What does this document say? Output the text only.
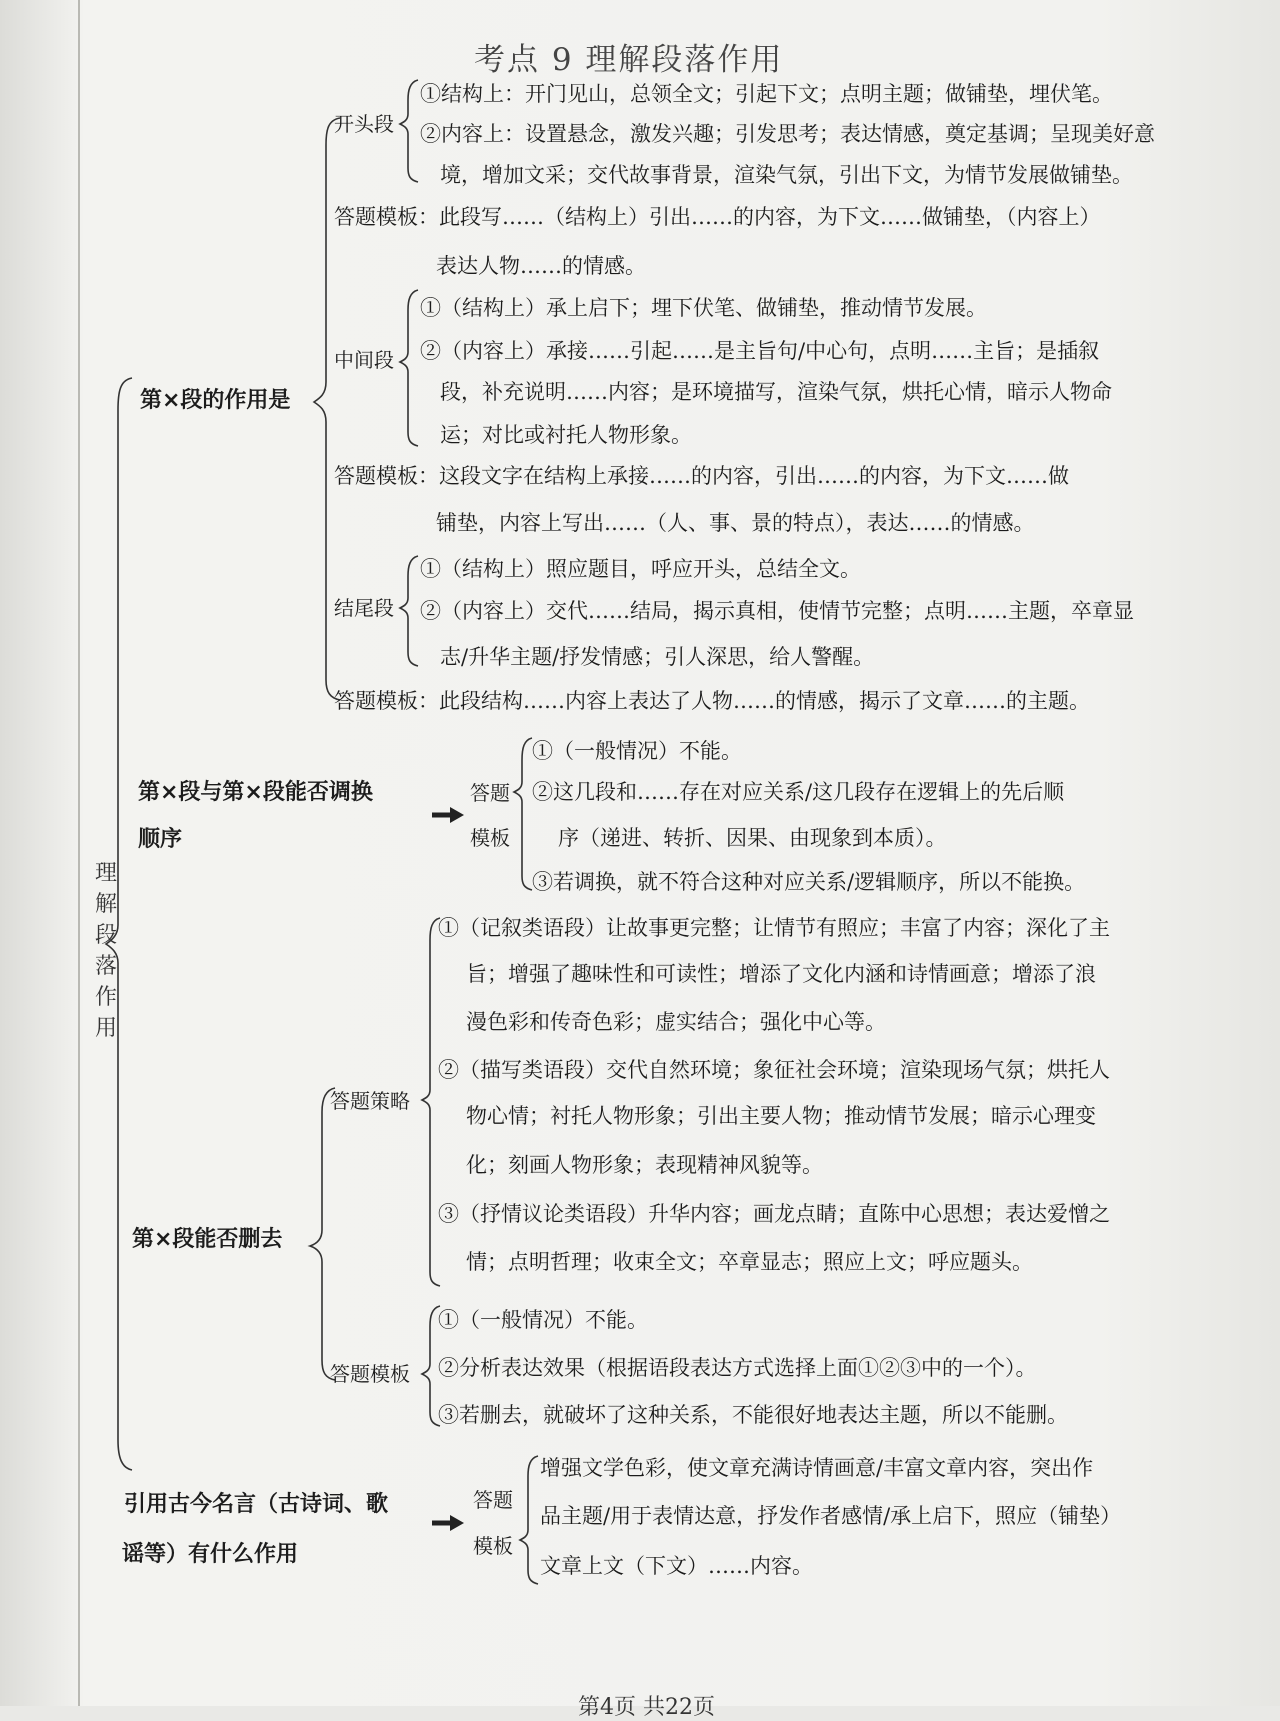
考点 9 理解段落作用
理解段落作用
第×段的作用是
开头段
①结构上：开门见山，总领全文；引起下文；点明主题；做铺垫，埋伏笔。
②内容上：设置悬念，激发兴趣；引发思考；表达情感，奠定基调；呈现美好意
境，增加文采；交代故事背景，渲染气氛，引出下文，为情节发展做铺垫。
答题模板：此段写……（结构上）引出……的内容，为下文……做铺垫，（内容上）
表达人物……的情感。
中间段
①（结构上）承上启下；埋下伏笔、做铺垫，推动情节发展。
②（内容上）承接……引起……是主旨句/中心句，点明……主旨；是插叙
段，补充说明……内容；是环境描写，渲染气氛，烘托心情，暗示人物命
运；对比或衬托人物形象。
答题模板：这段文字在结构上承接……的内容，引出……的内容，为下文……做
铺垫，内容上写出……（人、事、景的特点），表达……的情感。
结尾段
①（结构上）照应题目，呼应开头，总结全文。
②（内容上）交代……结局，揭示真相，使情节完整；点明……主题，卒章显
志/升华主题/抒发情感；引人深思，给人警醒。
答题模板：此段结构……内容上表达了人物……的情感，揭示了文章……的主题。
第×段与第×段能否调换
顺序
答题
模板
①（一般情况）不能。
②这几段和……存在对应关系/这几段存在逻辑上的先后顺
序（递进、转折、因果、由现象到本质）。
③若调换，就不符合这种对应关系/逻辑顺序，所以不能换。
第×段能否删去
答题策略
①（记叙类语段）让故事更完整；让情节有照应；丰富了内容；深化了主
旨；增强了趣味性和可读性；增添了文化内涵和诗情画意；增添了浪
漫色彩和传奇色彩；虚实结合；强化中心等。
②（描写类语段）交代自然环境；象征社会环境；渲染现场气氛；烘托人
物心情；衬托人物形象；引出主要人物；推动情节发展；暗示心理变
化；刻画人物形象；表现精神风貌等。
③（抒情议论类语段）升华内容；画龙点睛；直陈中心思想；表达爱憎之
情；点明哲理；收束全文；卒章显志；照应上文；呼应题头。
答题模板
①（一般情况）不能。
②分析表达效果（根据语段表达方式选择上面①②③中的一个）。
③若删去，就破坏了这种关系，不能很好地表达主题，所以不能删。
引用古今名言（古诗词、歌
谣等）有什么作用
答题
模板
增强文学色彩，使文章充满诗情画意/丰富文章内容，突出作
品主题/用于表情达意，抒发作者感情/承上启下，照应（铺垫）
文章上文（下文）……内容。
第4页 共22页
